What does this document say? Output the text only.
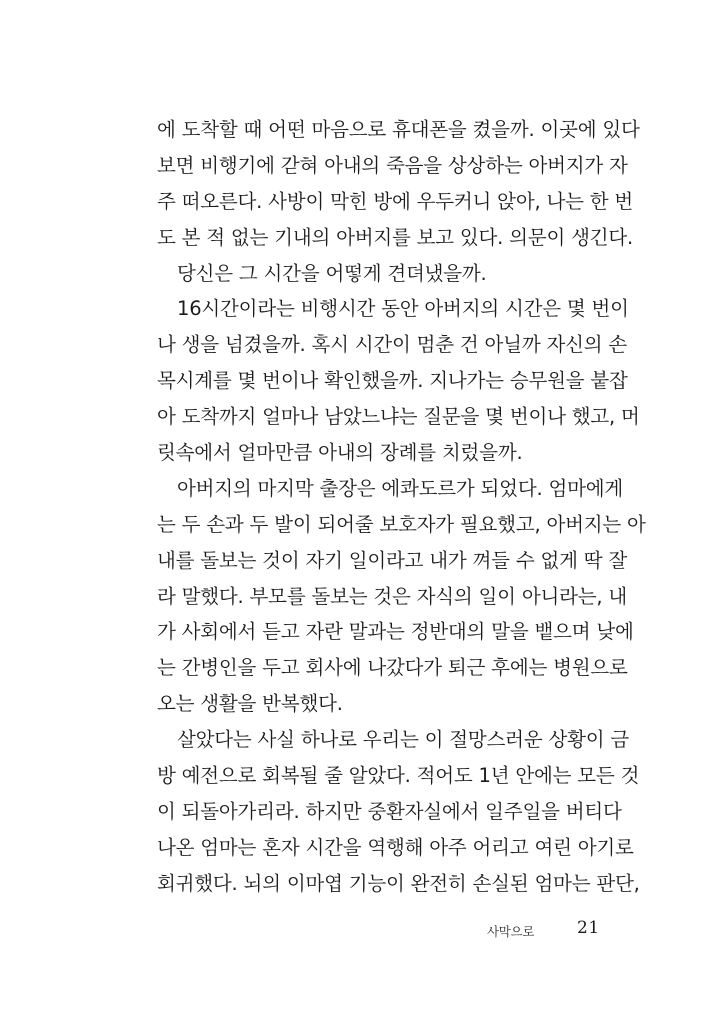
에 도착할 때 어떤 마음으로 휴대폰을 켰을까. 이곳에 있다
보면 비행기에 갇혀 아내의 죽음을 상상하는 아버지가 자
주 떠오른다. 사방이 막힌 방에 우두커니 앉아, 나는 한 번
도 본 적 없는 기내의 아버지를 보고 있다. 의문이 생긴다.
당신은 그 시간을 어떻게 견뎌냈을까.
16시간이라는 비행시간 동안 아버지의 시간은 몇 번이
나 생을 넘겼을까. 혹시 시간이 멈춘 건 아닐까 자신의 손
목시계를 몇 번이나 확인했을까. 지나가는 승무원을 붙잡
아 도착까지 얼마나 남았느냐는 질문을 몇 번이나 했고, 머
릿속에서 얼마만큼 아내의 장례를 치렀을까.
아버지의 마지막 출장은 에콰도르가 되었다. 엄마에게
는 두 손과 두 발이 되어줄 보호자가 필요했고, 아버지는 아
내를 돌보는 것이 자기 일이라고 내가 껴들 수 없게 딱 잘
라 말했다. 부모를 돌보는 것은 자식의 일이 아니라는, 내
가 사회에서 듣고 자란 말과는 정반대의 말을 뱉으며 낮에
는 간병인을 두고 회사에 나갔다가 퇴근 후에는 병원으로
오는 생활을 반복했다.
살았다는 사실 하나로 우리는 이 절망스러운 상황이 금
방 예전으로 회복될 줄 알았다. 적어도 1년 안에는 모든 것
이 되돌아가리라. 하지만 중환자실에서 일주일을 버티다
나온 엄마는 혼자 시간을 역행해 아주 어리고 여린 아기로
회귀했다. 뇌의 이마엽 기능이 완전히 손실된 엄마는 판단,
사막으로	21
